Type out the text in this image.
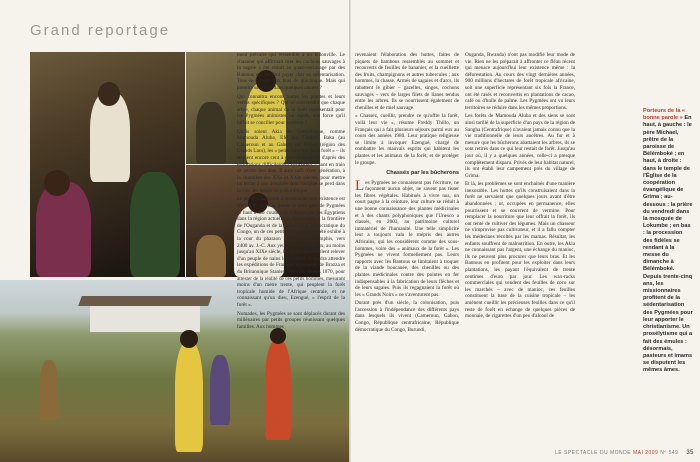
Grand reportage

ment précaire qui ressemble à un bidonville. Le chasseur qui affirmait tirer les cochons sauvages à la sagaie a été réduit au quasi-esclavage par des Bantous qui lui font payer cher sa sédentarisation. Tous le mettent aux bras de quiconque. Mais qui prendra sa relève dans quelques années ?

Qui connaîtra encore toutes les plantes et leurs vertus spécifiques ? Qui se souviendra que chaque arbre, chaque animal de la forêt représentait pour les Pygmées animistes un esprit, une force qu'il fallait se concilier pour survivre ?

Qu'ils soient Akia de Centrafrique, comme Mamouda Aluba, Efé (au Congo), Baka (au Cameroun et au Gabon) ou Batwa (région des Grands Lacs), les « petits hommes de la forêt » ‒ ils seraient encore cent à deux cents mille d'après des estimations difficilement vérifiables ‒ sont en train de perdre leur âme. Il aura suffi d'une génération, à la charnière des XXe et XXIe siècles, pour mettre un terme à une aventure dont l'origine se perd dans la nuit des temps du paléolithique.

Le premier historien à mentionner leur existence est Hérodote, qui leur donne le nom grec de Pygmées (« haut d'une coudée »). Capturé par les Égyptiens dans la région actuelle du Ruwenzori, à la frontière de l'Ouganda et de la République démocratique du Congo, un de ces petits hommes aurait été exhibé à la cour du pharaon Neferkara à Memphis, vers 2400 av. J.-C. Aux yeux des Occidentaux, au moins jusqu'au XIXe siècle, les Pygmées semblent relever d'un peuple de nains légendaires. Il faudra attendre les expéditions de François Savorgnan de Brazza et du Britannique Stanley, dans les années 1870, pour attester de la réalité de ces petits hommes, mesurant moins d'un mètre trente, qui peuplent la forêt tropicale humide de l'Afrique centrale, et ne connaissant qu'un dieu, Ezengué, « l'esprit de la forêt ».

Nomades, les Pygmées se sont déplacés durant des millénaires par petits groupes réunissant quelques familles. Aux hommes

revenaient l'élaboration des huttes, faites de piquets de bambous ressemblés au sommet et recouverts de feuilles de bananier, et la cueillette des fruits, champignons et autres tubercules ; aux hommes, la chasse. Armés de sagaies et d'arcs, ils rabattent le gibier ‒ gazelles, singes, cochons sauvages ‒ vers de larges filets de lianes tendus entre les arbres. Ils se nourrissent également de chenilles et de miel sauvage.

« Chassez, cueillir, prendre ce qu'offre la forêt, voilà leur vie », résume Freddy Thillo, un Français qui a fait plusieurs séjours parmi eux au cours des années 1980. Leur pratique religieuse se limite à invoquer Ezengué, chargé de combattre les mauvais esprits qui habitent les plantes et les animaux de la forêt, et de protéger le groupe.

Chassés par les bûcherons

Les Pygmées ne connaissent pas l'écriture, ne façonnent aucun objet, ne savent pas tisser les fibres végétales. Habitués à vivre nus, un court pagne à la ceinture, leur culture se réduit à une bonne connaissance des plantes médicinales et à des chants polyphoniques que l'Unesco a classés, en 2003, au patrimoine culturel immatériel de l'humanité. Une telle simplicité leur a toujours valu le mépris des autres Africains, qui les considèrent comme des sous-hommes, voire des « animaux de la forêt ». Les Pygmées ne vivent formellement pas. Leurs rapports avec les Bantous se limitaient à troquer de la viande boucanée, des chenilles ou des plantes médicinales contre des pointes en fer indispensables à la fabrication de leurs flèches et de leurs sagaies. Puis ils regagnaient la forêt où les « Grands Noirs » ne s'aventurent pas.

Durant près d'un siècle, la colonisation, puis l'accession à l'indépendance des différents pays dans lesquels ils vivent (Cameroun, Gabon, Congo, République centrafricaine, République démocratique du Congo, Burundi,

Ouganda, Rwanda) n'ont pas modifié leur mode de vie. Rien ne les préparait à affronter ce fléau récent qui menace aujourd'hui leur existence même : la déforestation. Au cours des vingt dernières années, 900 millions d'hectares de forêt tropicale africaine, soit une superficie représentant six fois la France, ont été rasés et reconvertis en plantations de cacao, café ou d'huile de palme. Les Pygmées ont vu leurs territoires se réduire dans les mêmes proportions.

Les forêts de Mamouda Aluba et des siens se sont ainsi tarillé de la superficie d'un pays de la région de Sangha (Centrafrique) n'avaient jamais connu que la vie traditionnelle de leurs ancêtres. Au fur et à mesure que les bûcherons abattaient les arbres, ils se sont retirés dans ce qui leur restait de forêt. Jusqu'au jour où, il y a quelques années, celle-ci a presque complètement disparu. Privés de leur habitat naturel, ils ont établi leur campement près du village de Grima.

Et là, les problèmes se sont enchaînés d'une manière inexorable. Les huttes qu'ils construisaient dans la forêt ne servaient que quelques jours avant d'être abandonnées ; or, occupées en permanence, elles pourrissent et se couvrent de vermine. Pour remplacer la nourriture que leur offrait la forêt, ils ont tenté de cultiver des légumes. Mais un chasseur ne s'improvise pas cultivateur, et il a fallu compter les médecines récoltés par les mamas. Résultat, les enfants souffrent de malnutrition. En outre, les Akia ne connaissant pas l'argent, une échange du manioc, ils ne peuvent plus procurer que leurs bras. Et les Bantous en profitent pour les exploiter dans leurs plantations, les payant l'équivalent de trente centimes d'euro par jour. Les wax-racks commerciales qui vendent des feuilles de coco sur les marchés ‒ avec de manioc, ces feuilles constituent la base de la cuisine tropicale ‒ les amènent cueillir les précieuses feuilles dans ce qu'il reste de forêt en échange de quelques pièces de monnaie, de cigarettes d'un peu d'alcool de

Porteurs de la « bonne parole » En haut, à gauche : le père Michael, prêtre de la paroisse de Bélémboké ; en haut, à droite : dans le temple de l'Église de la coopération évangélique de Grima ; au-dessous : la prière du vendredi dans la mosquée de Lokumbe ; en bas : la procession des fidèles se rendant à la messe du dimanche à Bélémboké. Depuis trente-cinq ans, les missionnaires profitent de la sédentarisation des Pygmées pour leur apporter le christianisme. Un prosélytisme qui a fait des émules : désormais, pasteurs et imams se disputent les mêmes âmes.
LE SPECTACLE DU MONDE MAI 2009 Nº 549 35
